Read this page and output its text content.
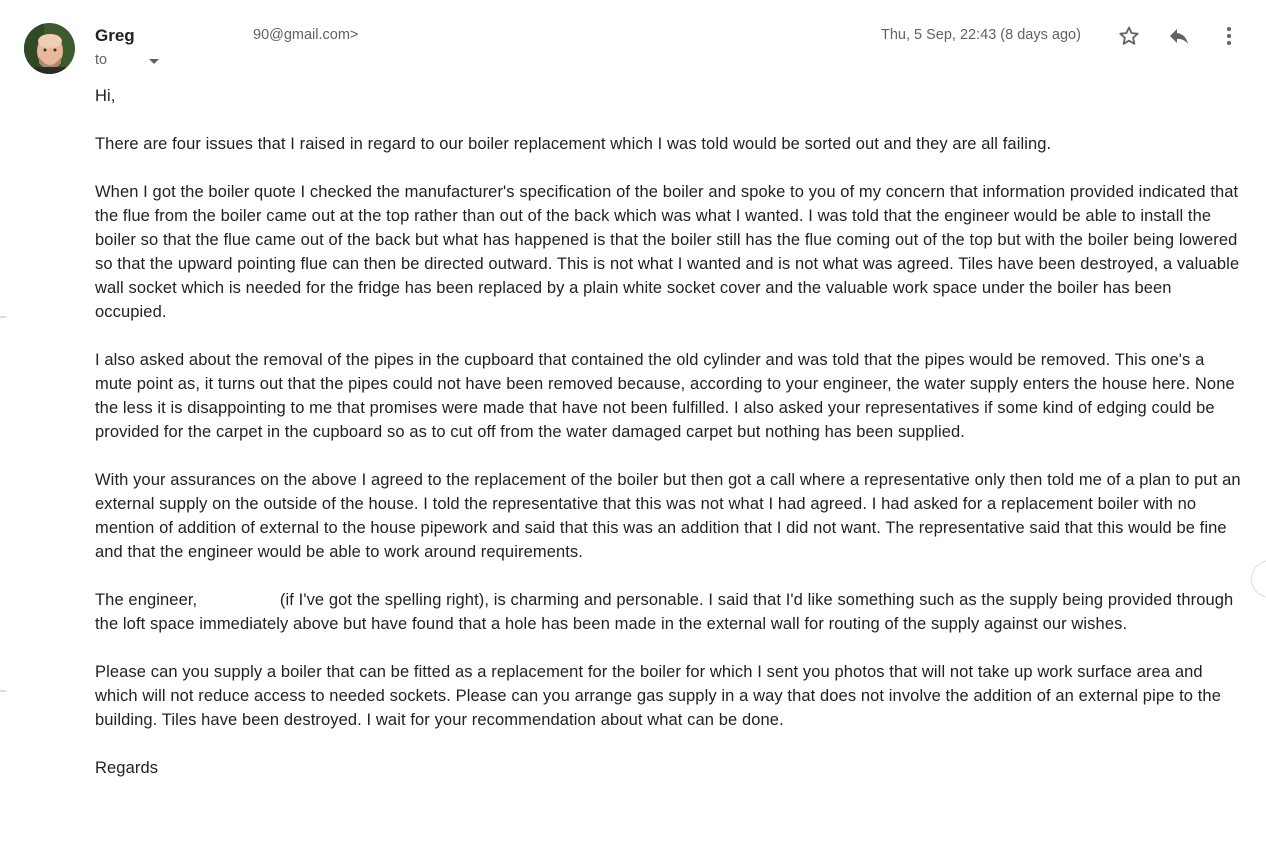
Greg	90@gmail.com>
to
Thu, 5 Sep, 22:43 (8 days ago)

Hi,

There are four issues that I raised in regard to our boiler replacement which I was told would be sorted out and they are all failing.

When I got the boiler quote I checked the manufacturer's specification of the boiler and spoke to you of my concern that information provided indicated that the flue from the boiler came out at the top rather than out of the back which was what I wanted. I was told that the engineer would be able to install the boiler so that the flue came out of the back but what has happened is that the boiler still has the flue coming out of the top but with the boiler being lowered so that the upward pointing flue can then be directed outward. This is not what I wanted and is not what was agreed. Tiles have been destroyed, a valuable wall socket which is needed for the fridge has been replaced by a plain white socket cover and the valuable work space under the boiler has been occupied.

I also asked about the removal of the pipes in the cupboard that contained the old cylinder and was told that the pipes would be removed. This one's a mute point as, it turns out that the pipes could not have been removed because, according to your engineer, the water supply enters the house here. None the less it is disappointing to me that promises were made that have not been fulfilled. I also asked your representatives if some kind of edging could be provided for the carpet in the cupboard so as to cut off from the water damaged carpet but nothing has been supplied.

With your assurances on the above I agreed to the replacement of the boiler but then got a call where a representative only then told me of a plan to put an external supply on the outside of the house. I told the representative that this was not what I had agreed. I had asked for a replacement boiler with no mention of addition of external to the house pipework and said that this was an addition that I did not want. The representative said that this would be fine and that the engineer would be able to work around requirements.

The engineer,	(if I've got the spelling right), is charming and personable. I said that I'd like something such as the supply being provided through the loft space immediately above but have found that a hole has been made in the external wall for routing of the supply against our wishes.

Please can you supply a boiler that can be fitted as a replacement for the boiler for which I sent you photos that will not take up work surface area and which will not reduce access to needed sockets. Please can you arrange gas supply in a way that does not involve the addition of an external pipe to the building. Tiles have been destroyed. I wait for your recommendation about what can be done.

Regards
